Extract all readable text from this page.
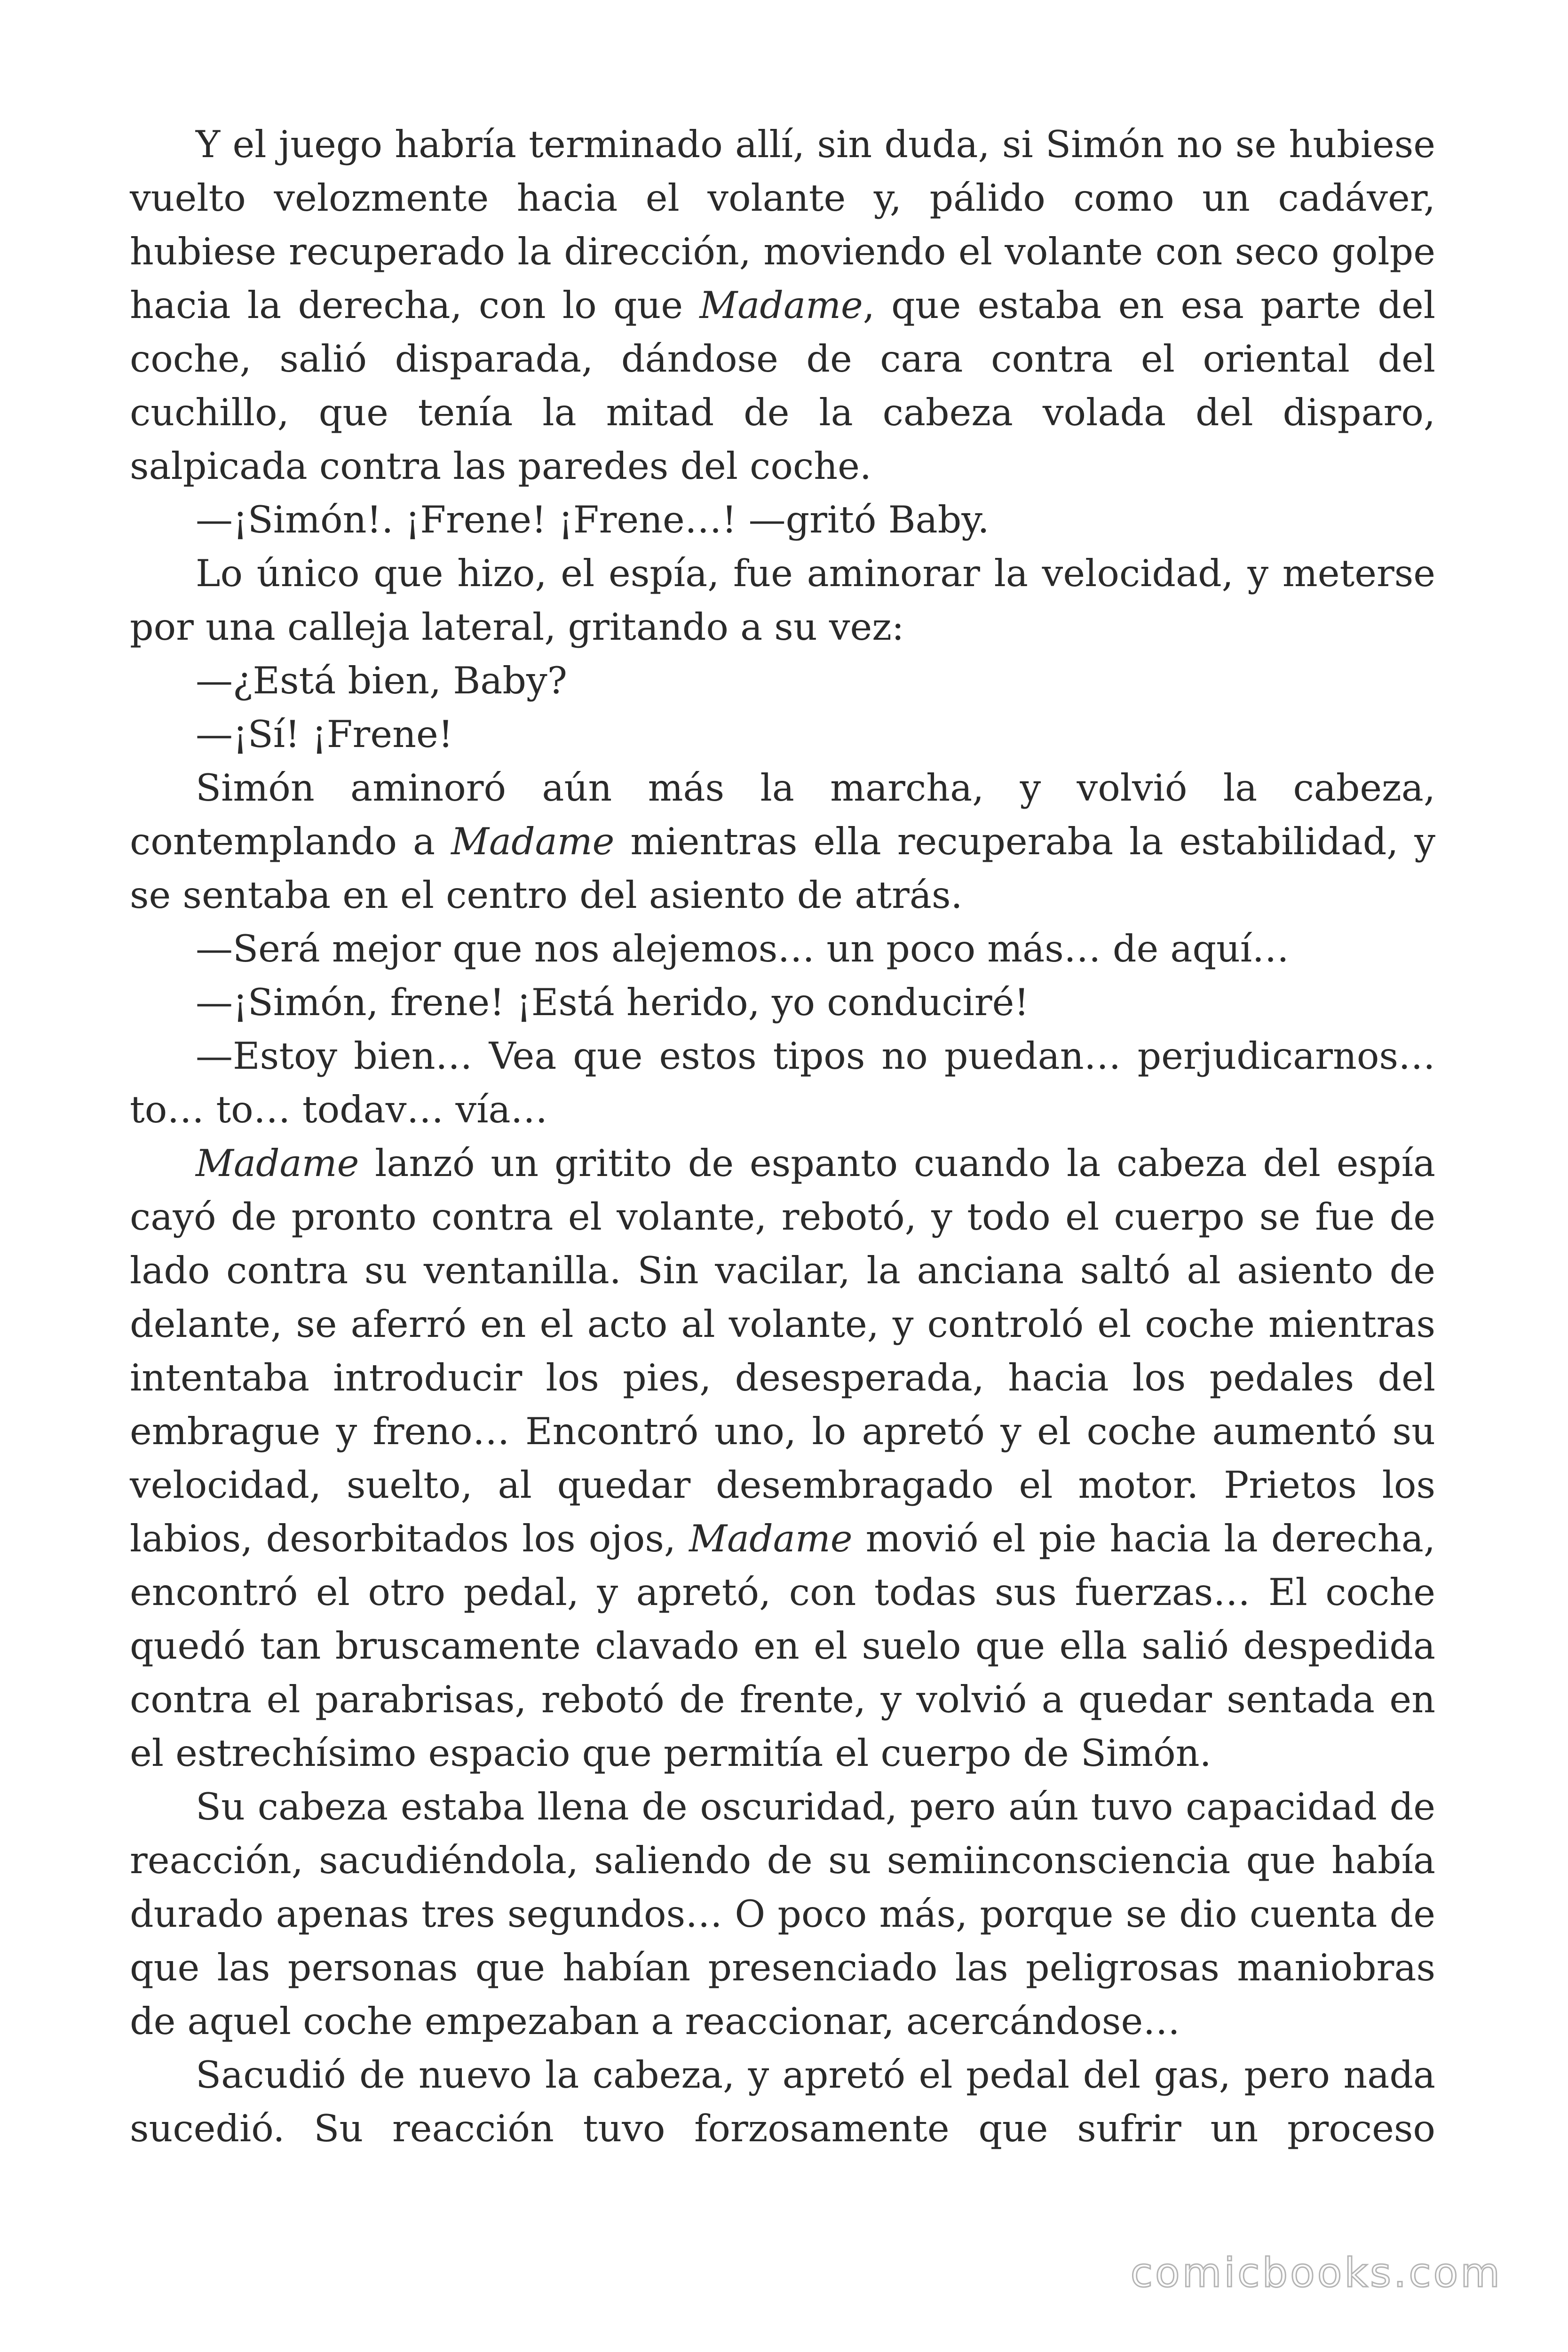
Y el juego habría terminado allí, sin duda, si Simón no se hubiese vuelto velozmente hacia el volante y, pálido como un cadáver, hubiese recuperado la dirección, moviendo el volante con seco golpe hacia la derecha, con lo que Madame, que estaba en esa parte del coche, salió disparada, dándose de cara contra el oriental del cuchillo, que tenía la mitad de la cabeza volada del disparo, salpicada contra las paredes del coche.

—¡Simón!. ¡Frene! ¡Frene…! —gritó Baby.

Lo único que hizo, el espía, fue aminorar la velocidad, y meterse por una calleja lateral, gritando a su vez:

—¿Está bien, Baby?

—¡Sí! ¡Frene!

Simón aminoró aún más la marcha, y volvió la cabeza, contemplando a Madame mientras ella recuperaba la estabilidad, y se sentaba en el centro del asiento de atrás.

—Será mejor que nos alejemos… un poco más… de aquí…

—¡Simón, frene! ¡Está herido, yo conduciré!

—Estoy bien… Vea que estos tipos no puedan… perjudicarnos… to… to… todav… vía…

Madame lanzó un gritito de espanto cuando la cabeza del espía cayó de pronto contra el volante, rebotó, y todo el cuerpo se fue de lado contra su ventanilla. Sin vacilar, la anciana saltó al asiento de delante, se aferró en el acto al volante, y controló el coche mientras intentaba introducir los pies, desesperada, hacia los pedales del embrague y freno… Encontró uno, lo apretó y el coche aumentó su velocidad, suelto, al quedar desembragado el motor. Prietos los labios, desorbitados los ojos, Madame movió el pie hacia la derecha, encontró el otro pedal, y apretó, con todas sus fuerzas… El coche quedó tan bruscamente clavado en el suelo que ella salió despedida contra el parabrisas, rebotó de frente, y volvió a quedar sentada en el estrechísimo espacio que permitía el cuerpo de Simón.

Su cabeza estaba llena de oscuridad, pero aún tuvo capacidad de reacción, sacudiéndola, saliendo de su semiinconsciencia que había durado apenas tres segundos… O poco más, porque se dio cuenta de que las personas que habían presenciado las peligrosas maniobras de aquel coche empezaban a reaccionar, acercándose…

Sacudió de nuevo la cabeza, y apretó el pedal del gas, pero nada sucedió. Su reacción tuvo forzosamente que sufrir un proceso

comicbooks.com
